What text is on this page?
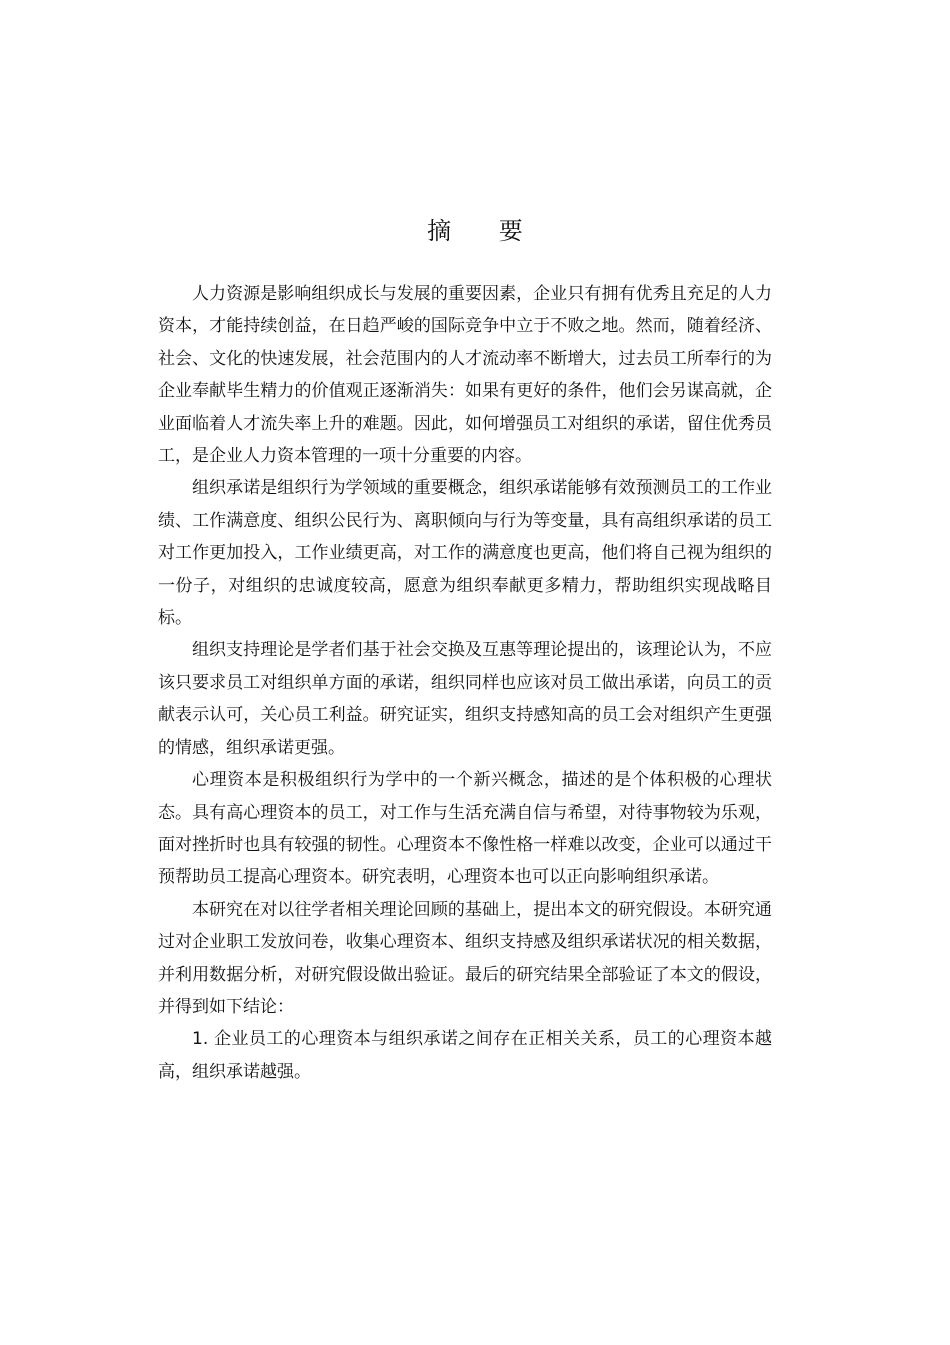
摘 要

人力资源是影响组织成长与发展的重要因素，企业只有拥有优秀且充足的人力资本，才能持续创益，在日趋严峻的国际竞争中立于不败之地。然而，随着经济、社会、文化的快速发展，社会范围内的人才流动率不断增大，过去员工所奉行的为企业奉献毕生精力的价值观正逐渐消失：如果有更好的条件，他们会另谋高就，企业面临着人才流失率上升的难题。因此，如何增强员工对组织的承诺，留住优秀员工，是企业人力资本管理的一项十分重要的内容。

组织承诺是组织行为学领域的重要概念，组织承诺能够有效预测员工的工作业绩、工作满意度、组织公民行为、离职倾向与行为等变量，具有高组织承诺的员工对工作更加投入，工作业绩更高，对工作的满意度也更高，他们将自己视为组织的一份子，对组织的忠诚度较高，愿意为组织奉献更多精力，帮助组织实现战略目标。

组织支持理论是学者们基于社会交换及互惠等理论提出的，该理论认为，不应该只要求员工对组织单方面的承诺，组织同样也应该对员工做出承诺，向员工的贡献表示认可，关心员工利益。研究证实，组织支持感知高的员工会对组织产生更强的情感，组织承诺更强。

心理资本是积极组织行为学中的一个新兴概念，描述的是个体积极的心理状态。具有高心理资本的员工，对工作与生活充满自信与希望，对待事物较为乐观，面对挫折时也具有较强的韧性。心理资本不像性格一样难以改变，企业可以通过干预帮助员工提高心理资本。研究表明，心理资本也可以正向影响组织承诺。

本研究在对以往学者相关理论回顾的基础上，提出本文的研究假设。本研究通过对企业职工发放问卷，收集心理资本、组织支持感及组织承诺状况的相关数据，并利用数据分析，对研究假设做出验证。最后的研究结果全部验证了本文的假设，并得到如下结论：

1. 企业员工的心理资本与组织承诺之间存在正相关关系，员工的心理资本越高，组织承诺越强。
